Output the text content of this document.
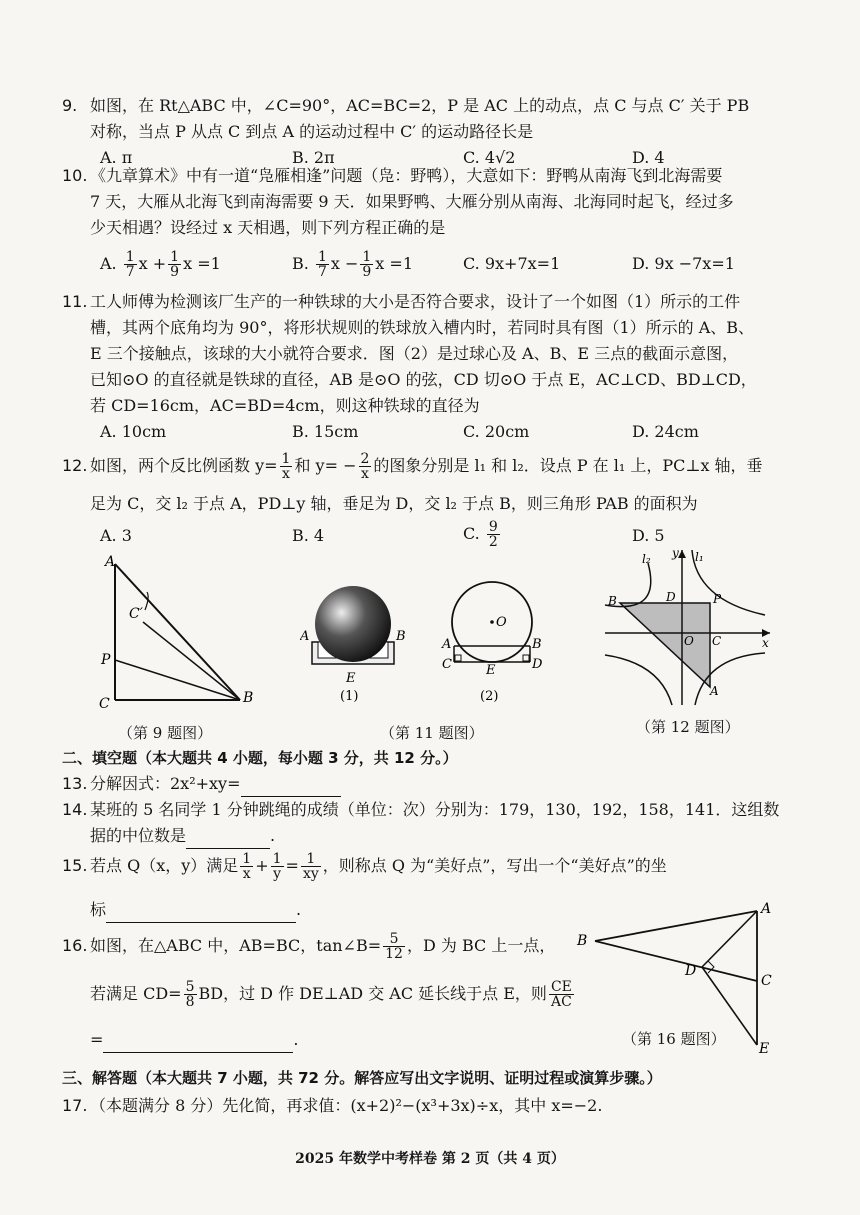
9. 如图，在 Rt△ABC 中，∠C=90°，AC=BC=2，P 是 AC 上的动点，点 C 与点 C′ 关于 PB
对称，当点 P 从点 C 到点 A 的运动过程中 C′ 的运动路径长是
A. π	B. 2π	C. 4√2	D. 4
10. 《九章算术》中有一道“凫雁相逢”问题（凫：野鸭），大意如下：野鸭从南海飞到北海需要
7 天，大雁从北海飞到南海需要 9 天．如果野鸭、大雁分别从南海、北海同时起飞，经过多
少天相遇？设经过 x 天相遇，则下列方程正确的是
A. $\frac{1}{7}$ $x + \frac{1}{9}$ x =1	B. $\frac{1}{7}$ $x - \frac{1}{9}$ x =1	C. 9x+7x=1	D. 9x −7x=1
11. 工人师傅为检测该厂生产的一种铁球的大小是否符合要求，设计了一个如图（1）所示的工件
槽，其两个底角均为 90°，将形状规则的铁球放入槽内时，若同时具有图（1）所示的 A、B、
E 三个接触点，该球的大小就符合要求．图（2）是过球心及 A、B、E 三点的截面示意图，
已知⊙O 的直径就是铁球的直径，AB 是⊙O 的弦，CD 切⊙O 于点 E，AC⊥CD、BD⊥CD，
若 CD=16cm，AC=BD=4cm，则这种铁球的直径为
A. 10cm	B. 15cm	C. 20cm	D. 24cm
12. 如图，两个反比例函数 $y= \frac{1}{x}$ 和 $y= - \frac{2}{x}$ 的图象分别是 l₁ 和 l₂．设点 P 在 l₁ 上，PC⊥x 轴，垂
足为 C，交 l₂ 于点 A，PD⊥y 轴，垂足为 D，交 l₂ 于点 B，则三角形 PAB 的面积为
A. 3	B. 4	C. $\frac{9}{2}$	D. 5
A
C′
P
C	B
（第 9 题图）
A	B
E
(1)
O
A	B
C	D
E
(2)
（第 11 题图）
l₂	l₁
y
x
B	D	P
O C
A
（第 12 题图）
二、填空题（本大题共 4 小题，每小题 3 分，共 12 分。）
13. 分解因式：2x²+xy=
14. 某班的 5 名同学 1 分钟跳绳的成绩（单位：次）分别为：179，130，192，158，141．这组数
据的中位数是	.
15. 若点 Q（x，y）满足 $\frac{1}{x} + \frac{1}{y} = \frac{1}{xy}$ ，则称点 Q 为“美好点”，写出一个“美好点”的坐
标	.
16. 如图，在△ABC 中，AB=BC，tan∠B= $\frac{5}{12}$ ，D 为 BC 上一点，
若满足 $CD= \frac{5}{8}$ BD，过 D 作 DE⊥AD 交 AC 延长线于点 E，则 $\frac{CE}{AC}$
=	.
B
A
D
C
E
（第 16 题图）
三、解答题（本大题共 7 小题，共 72 分。解答应写出文字说明、证明过程或演算步骤。）
17. （本题满分 8 分）先化简，再求值：(x+2)²−(x³+3x)÷x，其中 x=−2.
2025 年数学中考样卷 第 2 页（共 4 页）
